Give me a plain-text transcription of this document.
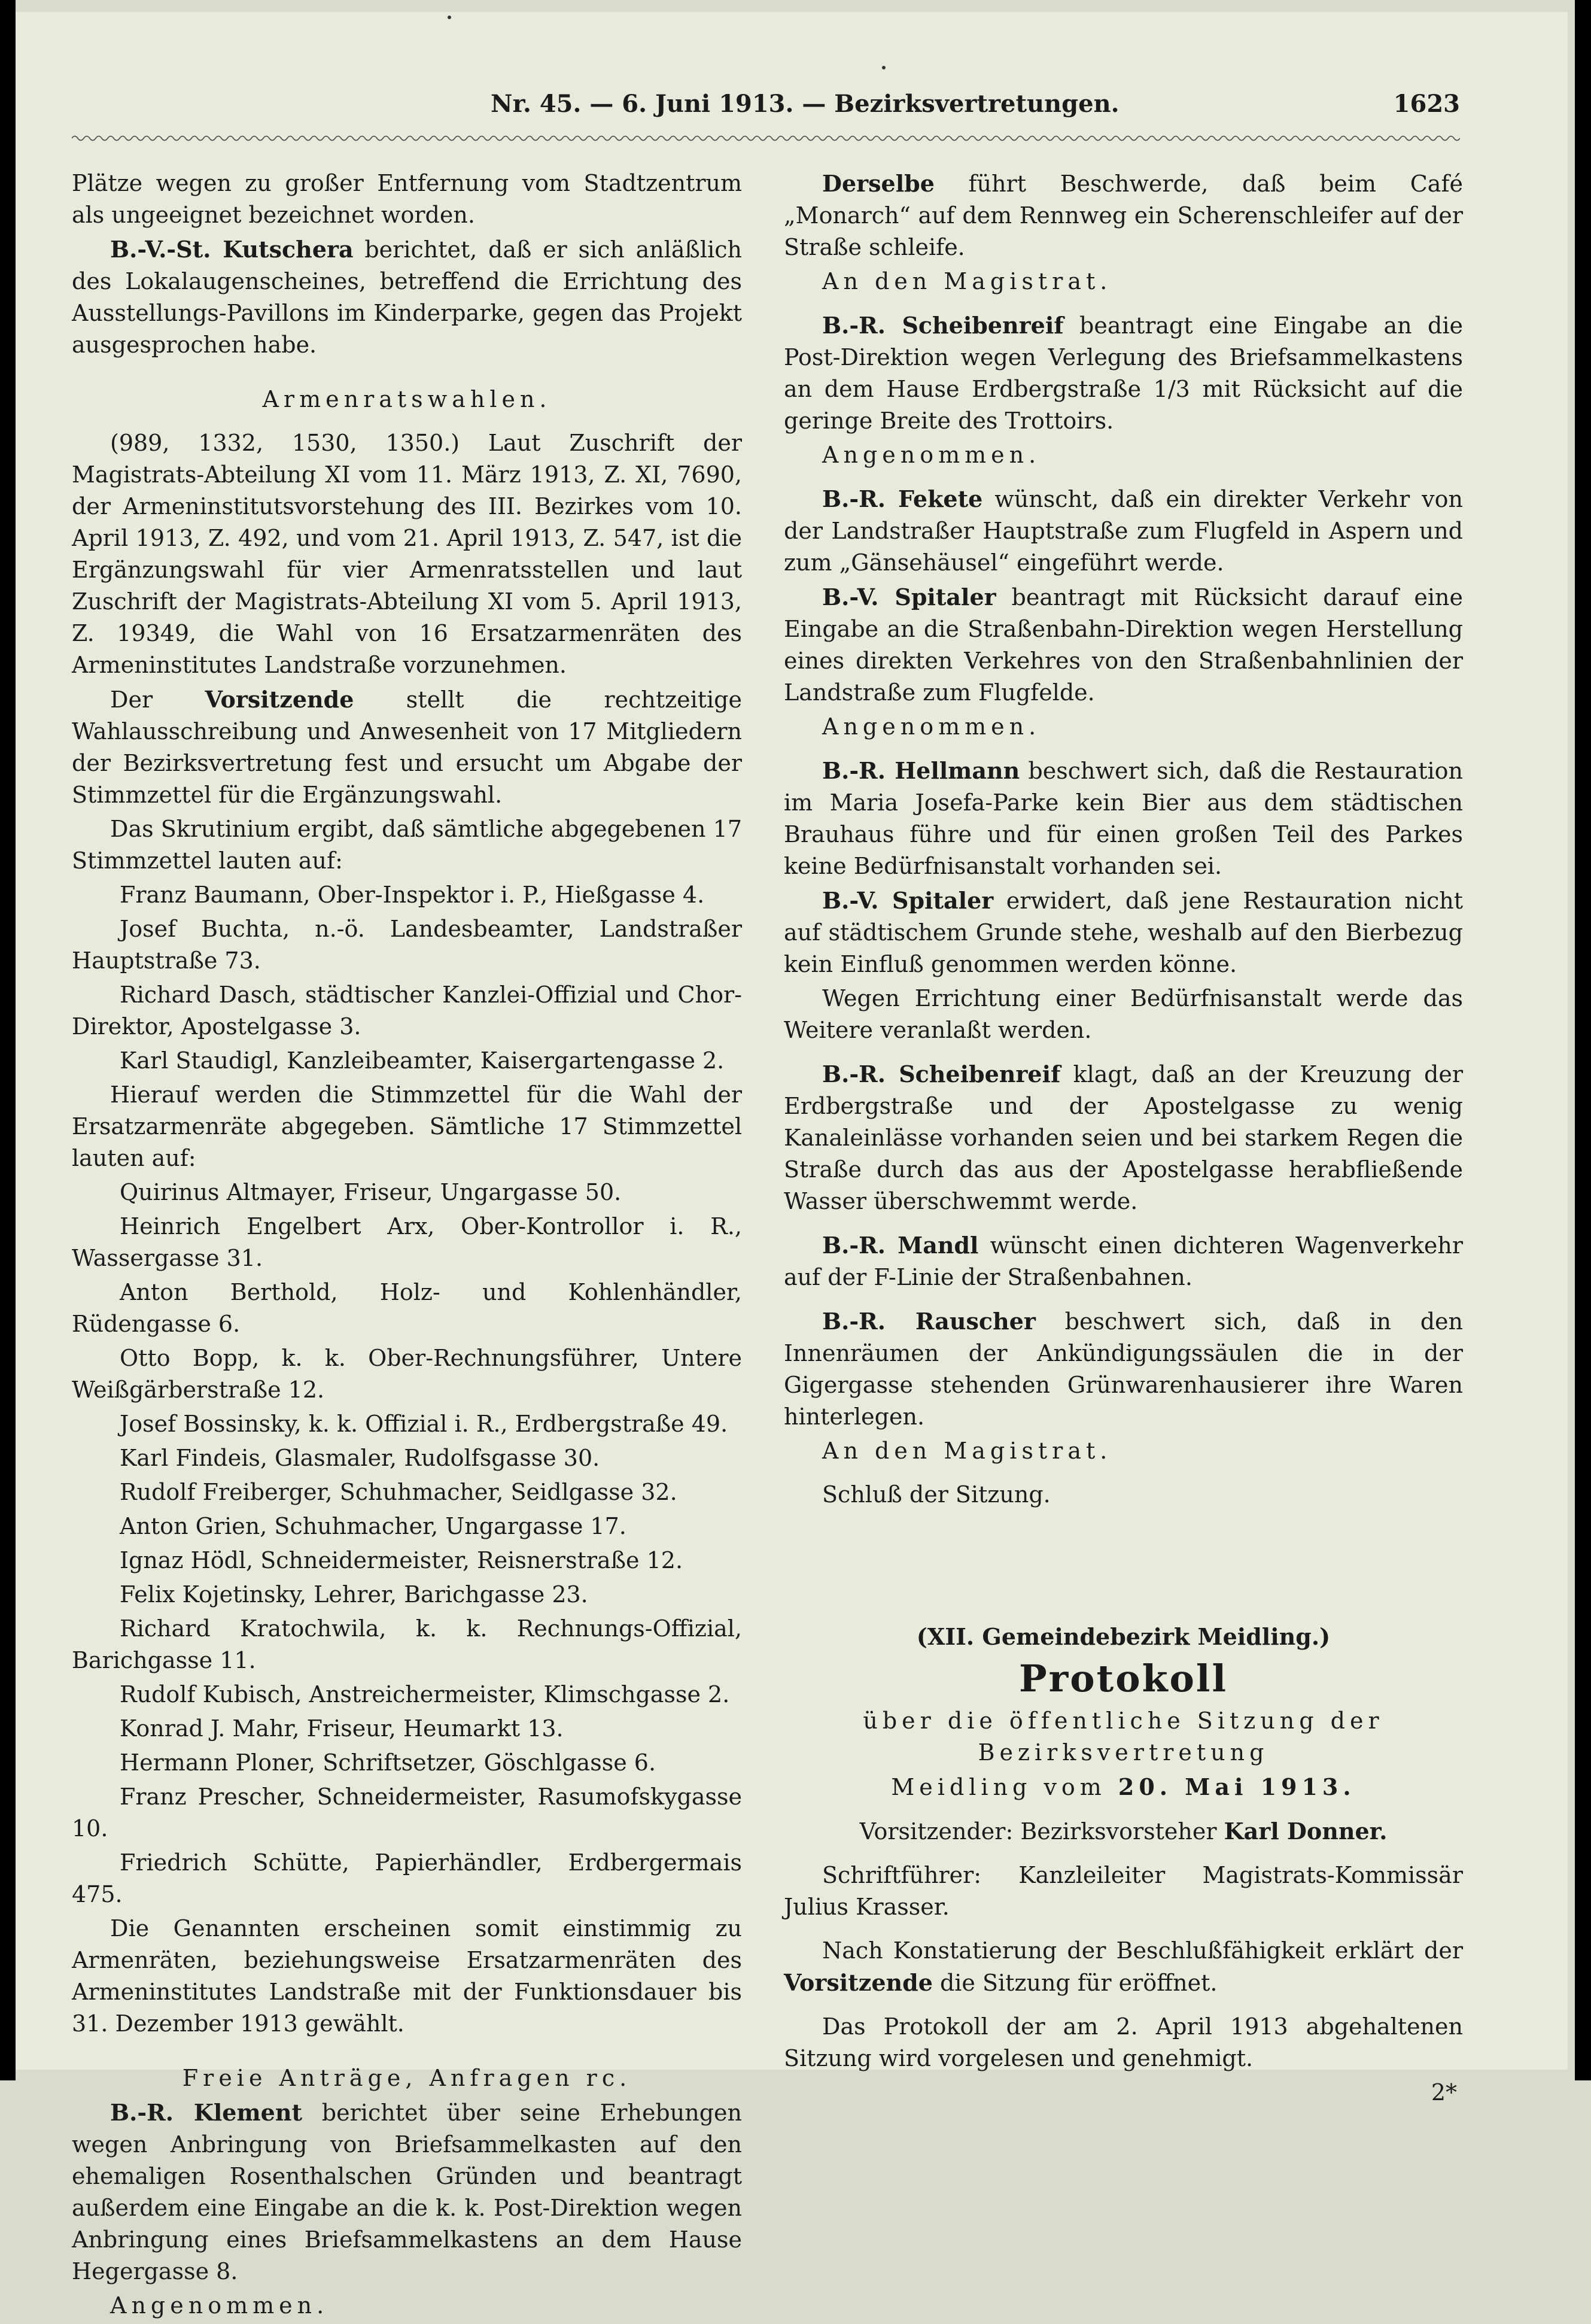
Nr. 45. — 6. Juni 1913. — Bezirksvertretungen.	1623

Plätze wegen zu großer Entfernung vom Stadtzentrum als ungeeignet bezeichnet worden.

B.-V.-St. Kutschera berichtet, daß er sich anläßlich des Lokalaugenscheines, betreffend die Errichtung des Ausstellungs-Pavillons im Kinderparke, gegen das Projekt ausgesprochen habe.

Armenratswahlen.

(989, 1332, 1530, 1350.) Laut Zuschrift der Magistrats-Abteilung XI vom 11. März 1913, Z. XI, 7690, der Armeninstitutsvorstehung des III. Bezirkes vom 10. April 1913, Z. 492, und vom 21. April 1913, Z. 547, ist die Ergänzungswahl für vier Armenratsstellen und laut Zuschrift der Magistrats-Abteilung XI vom 5. April 1913, Z. 19349, die Wahl von 16 Ersatzarmenräten des Armeninstitutes Landstraße vorzunehmen.

Der Vorsitzende stellt die rechtzeitige Wahlausschreibung und Anwesenheit von 17 Mitgliedern der Bezirksvertretung fest und ersucht um Abgabe der Stimmzettel für die Ergänzungswahl.

Das Skrutinium ergibt, daß sämtliche abgegebenen 17 Stimmzettel lauten auf:

Franz Baumann, Ober-Inspektor i. P., Hießgasse 4.
Josef Buchta, n.-ö. Landesbeamter, Landstraßer Hauptstraße 73.
Richard Dasch, städtischer Kanzlei-Offizial und Chor-Direktor, Apostelgasse 3.
Karl Staudigl, Kanzleibeamter, Kaisergartengasse 2.

Hierauf werden die Stimmzettel für die Wahl der Ersatzarmenräte abgegeben. Sämtliche 17 Stimmzettel lauten auf:

Quirinus Altmayer, Friseur, Ungargasse 50.
Heinrich Engelbert Arx, Ober-Kontrollor i. R., Wassergasse 31.
Anton Berthold, Holz- und Kohlenhändler, Rüdengasse 6.
Otto Bopp, k. k. Ober-Rechnungsführer, Untere Weißgärberstraße 12.
Josef Bossinsky, k. k. Offizial i. R., Erdbergstraße 49.
Karl Findeis, Glasmaler, Rudolfsgasse 30.
Rudolf Freiberger, Schuhmacher, Seidlgasse 32.
Anton Grien, Schuhmacher, Ungargasse 17.
Ignaz Hödl, Schneidermeister, Reisnerstraße 12.
Felix Kojetinsky, Lehrer, Barichgasse 23.
Richard Kratochwila, k. k. Rechnungs-Offizial, Barichgasse 11.
Rudolf Kubisch, Anstreichermeister, Klimschgasse 2.
Konrad J. Mahr, Friseur, Heumarkt 13.
Hermann Ploner, Schriftsetzer, Göschlgasse 6.
Franz Prescher, Schneidermeister, Rasumofskygasse 10.
Friedrich Schütte, Papierhändler, Erdbergermais 475.

Die Genannten erscheinen somit einstimmig zu Armenräten, beziehungsweise Ersatzarmenräten des Armeninstitutes Landstraße mit der Funktionsdauer bis 31. Dezember 1913 gewählt.

Freie Anträge, Anfragen rc.

B.-R. Klement berichtet über seine Erhebungen wegen Anbringung von Briefsammelkasten auf den ehemaligen Rosenthalschen Gründen und beantragt außerdem eine Eingabe an die k. k. Post-Direktion wegen Anbringung eines Briefsammelkastens an dem Hause Hegergasse 8.

Angenommen.

Derselbe führt Beschwerde, daß beim Café „Monarch“ auf dem Rennweg ein Scherenschleifer auf der Straße schleife.

An den Magistrat.

B.-R. Scheibenreif beantragt eine Eingabe an die Post-Direktion wegen Verlegung des Briefsammelkastens an dem Hause Erdbergstraße 1/3 mit Rücksicht auf die geringe Breite des Trottoirs.

Angenommen.

B.-R. Fekete wünscht, daß ein direkter Verkehr von der Landstraßer Hauptstraße zum Flugfeld in Aspern und zum „Gänsehäusel“ eingeführt werde.

B.-V. Spitaler beantragt mit Rücksicht darauf eine Eingabe an die Straßenbahn-Direktion wegen Herstellung eines direkten Verkehres von den Straßenbahnlinien der Landstraße zum Flugfelde.

Angenommen.

B.-R. Hellmann beschwert sich, daß die Restauration im Maria Josefa-Parke kein Bier aus dem städtischen Brauhaus führe und für einen großen Teil des Parkes keine Bedürfnisanstalt vorhanden sei.

B.-V. Spitaler erwidert, daß jene Restauration nicht auf städtischem Grunde stehe, weshalb auf den Bierbezug kein Einfluß genommen werden könne.

Wegen Errichtung einer Bedürfnisanstalt werde das Weitere veranlaßt werden.

B.-R. Scheibenreif klagt, daß an der Kreuzung der Erdbergstraße und der Apostelgasse zu wenig Kanaleinlässe vorhanden seien und bei starkem Regen die Straße durch das aus der Apostelgasse herabfließende Wasser überschwemmt werde.

B.-R. Mandl wünscht einen dichteren Wagenverkehr auf der F-Linie der Straßenbahnen.

B.-R. Rauscher beschwert sich, daß in den Innenräumen der Ankündigungssäulen die in der Gigergasse stehenden Grünwarenhausierer ihre Waren hinterlegen.

An den Magistrat.

Schluß der Sitzung.

(XII. Gemeindebezirk Meidling.)

Protokoll

über die öffentliche Sitzung der Bezirksvertretung

Meidling vom 20. Mai 1913.

Vorsitzender: Bezirksvorsteher Karl Donner.

Schriftführer: Kanzleileiter Magistrats-Kommissär Julius Krasser.

Nach Konstatierung der Beschlußfähigkeit erklärt der Vorsitzende die Sitzung für eröffnet.

Das Protokoll der am 2. April 1913 abgehaltenen Sitzung wird vorgelesen und genehmigt.

2*
